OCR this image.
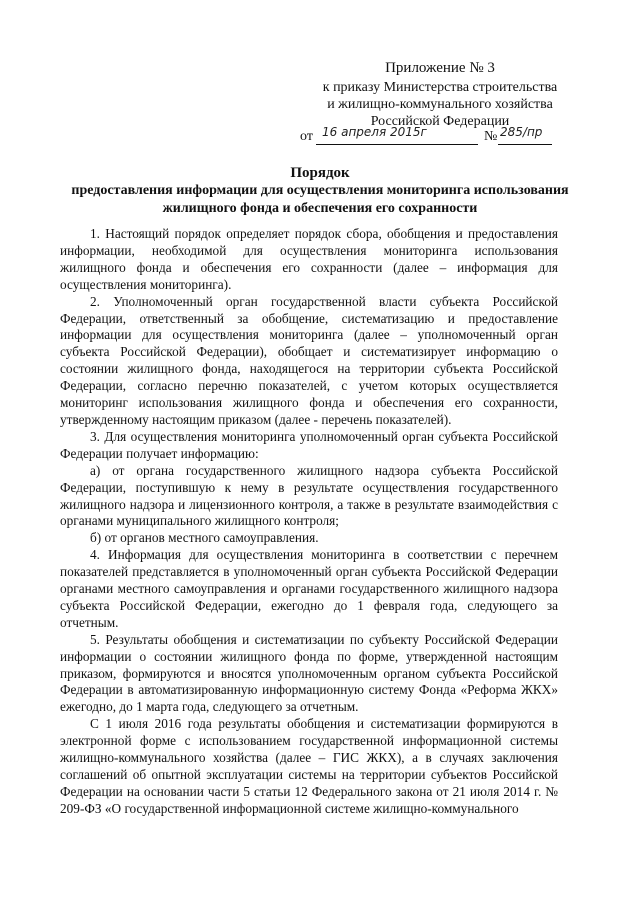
Приложение № 3
к приказу Министерства строительства
и жилищно-коммунального хозяйства
Российской Федерации
от 16 апреля 2015г	№ 285/пр
Порядок
предоставления информации для осуществления мониторинга использования
жилищного фонда и обеспечения его сохранности

1. Настоящий порядок определяет порядок сбора, обобщения и предоставления информации, необходимой для осуществления мониторинга использования жилищного фонда и обеспечения его сохранности (далее – информация для осуществления мониторинга).

2. Уполномоченный орган государственной власти субъекта Российской Федерации, ответственный за обобщение, систематизацию и предоставление информации для осуществления мониторинга (далее – уполномоченный орган субъекта Российской Федерации), обобщает и систематизирует информацию о состоянии жилищного фонда, находящегося на территории субъекта Российской Федерации, согласно перечню показателей, с учетом которых осуществляется мониторинг использования жилищного фонда и обеспечения его сохранности, утвержденному настоящим приказом (далее - перечень показателей).

3. Для осуществления мониторинга уполномоченный орган субъекта Российской Федерации получает информацию:

а) от органа государственного жилищного надзора субъекта Российской Федерации, поступившую к нему в результате осуществления государственного жилищного надзора и лицензионного контроля, а также в результате взаимодействия с органами муниципального жилищного контроля;

б) от органов местного самоуправления.

4. Информация для осуществления мониторинга в соответствии с перечнем показателей представляется в уполномоченный орган субъекта Российской Федерации органами местного самоуправления и органами государственного жилищного надзора субъекта Российской Федерации, ежегодно до 1 февраля года, следующего за отчетным.

5. Результаты обобщения и систематизации по субъекту Российской Федерации информации о состоянии жилищного фонда по форме, утвержденной настоящим приказом, формируются и вносятся уполномоченным органом субъекта Российской Федерации в автоматизированную информационную систему Фонда «Реформа ЖКХ» ежегодно, до 1 марта года, следующего за отчетным.

С 1 июля 2016 года результаты обобщения и систематизации формируются в электронной форме с использованием государственной информационной системы жилищно-коммунального хозяйства (далее – ГИС ЖКХ), а в случаях заключения соглашений об опытной эксплуатации системы на территории субъектов Российской Федерации на основании части 5 статьи 12 Федерального закона от 21 июля 2014 г. № 209-ФЗ «О государственной информационной системе жилищно-коммунального
